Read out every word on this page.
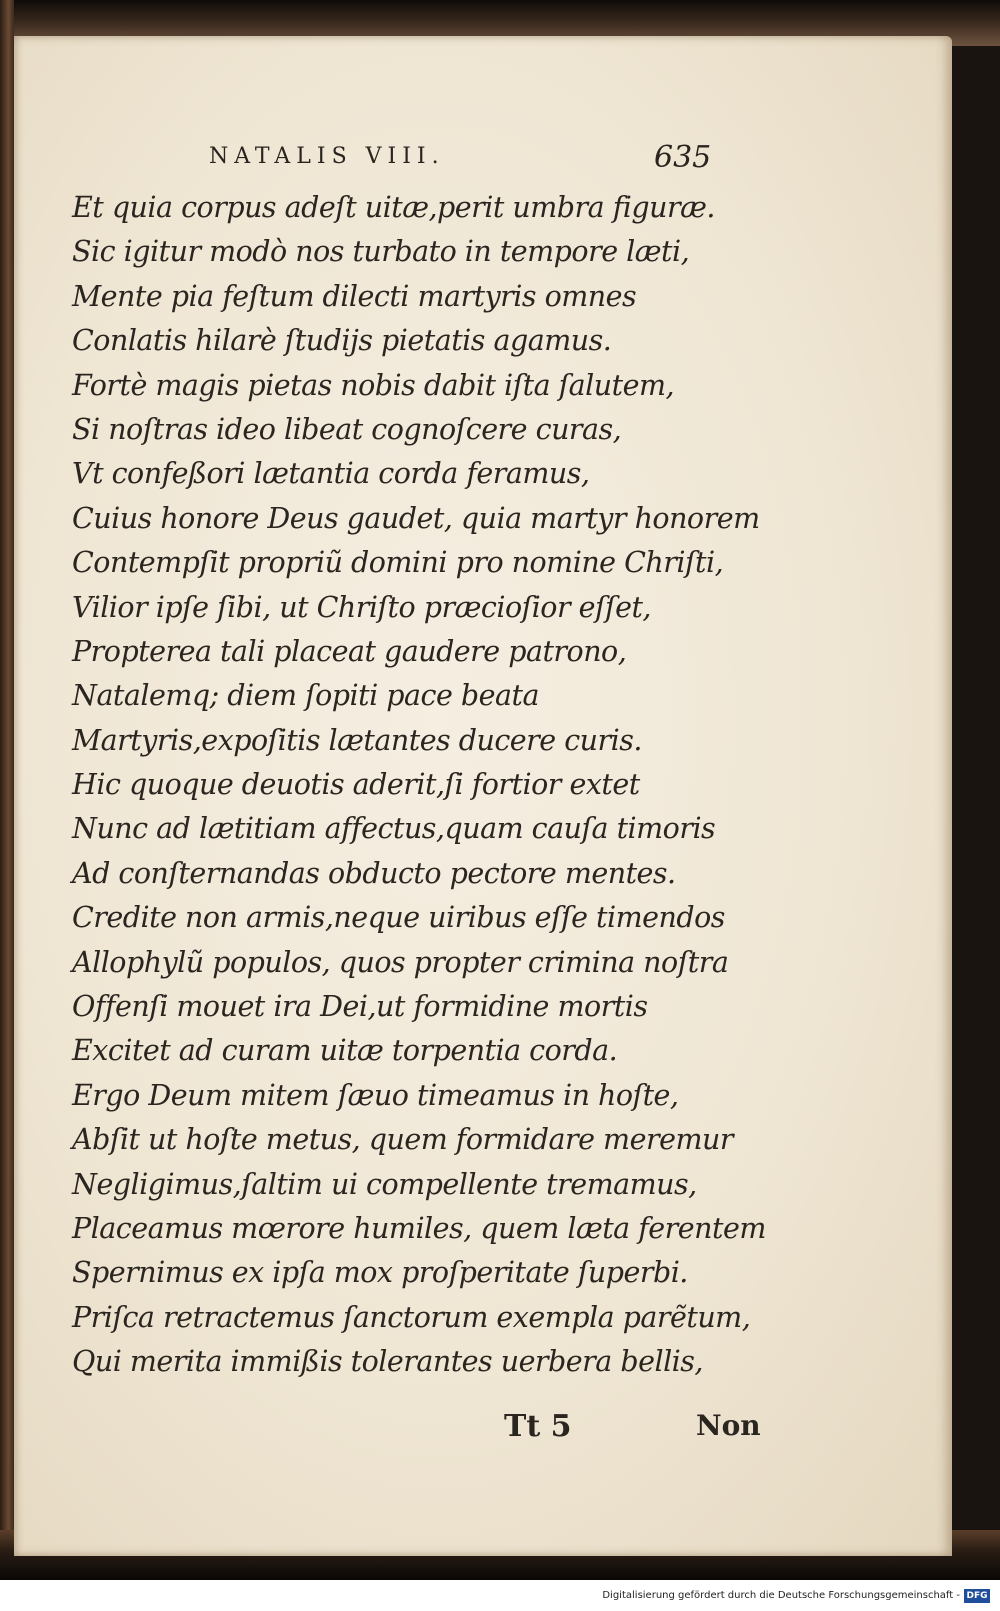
NATALIS VIII.	635
Et quia corpus adeſt uitæ,perit umbra figuræ.
Sic igitur modò nos turbato in tempore læti,
Mente pia feſtum dilecti martyris omnes
Conlatis hilarè ſtudijs pietatis agamus.
Fortè magis pietas nobis dabit iſta ſalutem,
Si noſtras ideo libeat cognoſcere curas,
Vt confeßori lætantia corda feramus,
Cuius honore Deus gaudet, quia martyr honorem
Contempſit propriũ domini pro nomine Chriſti,
Vilior ipſe ſibi, ut Chriſto præcioſior eſſet,
Propterea tali placeat gaudere patrono,
Natalemq; diem ſopiti pace beata
Martyris,expoſitis lætantes ducere curis.
Hic quoque deuotis aderit,ſi fortior extet
Nunc ad lætitiam affectus,quam cauſa timoris
Ad conſternandas obducto pectore mentes.
Credite non armis,neque uiribus eſſe timendos
Allophylũ populos, quos propter crimina noſtra
Offenſi mouet ira Dei,ut formidine mortis
Excitet ad curam uitæ torpentia corda.
Ergo Deum mitem ſæuo timeamus in hoſte,
Abſit ut hoſte metus, quem formidare meremur
Negligimus,ſaltim ui compellente tremamus,
Placeamus mœrore humiles, quem læta ferentem
Spernimus ex ipſa mox proſperitate ſuperbi.
Priſca retractemus ſanctorum exempla parẽtum,
Qui merita immißis tolerantes uerbera bellis,
Tt 5	Non
Digitalisierung gefördert durch die Deutsche Forschungsgemeinschaft - DFG
